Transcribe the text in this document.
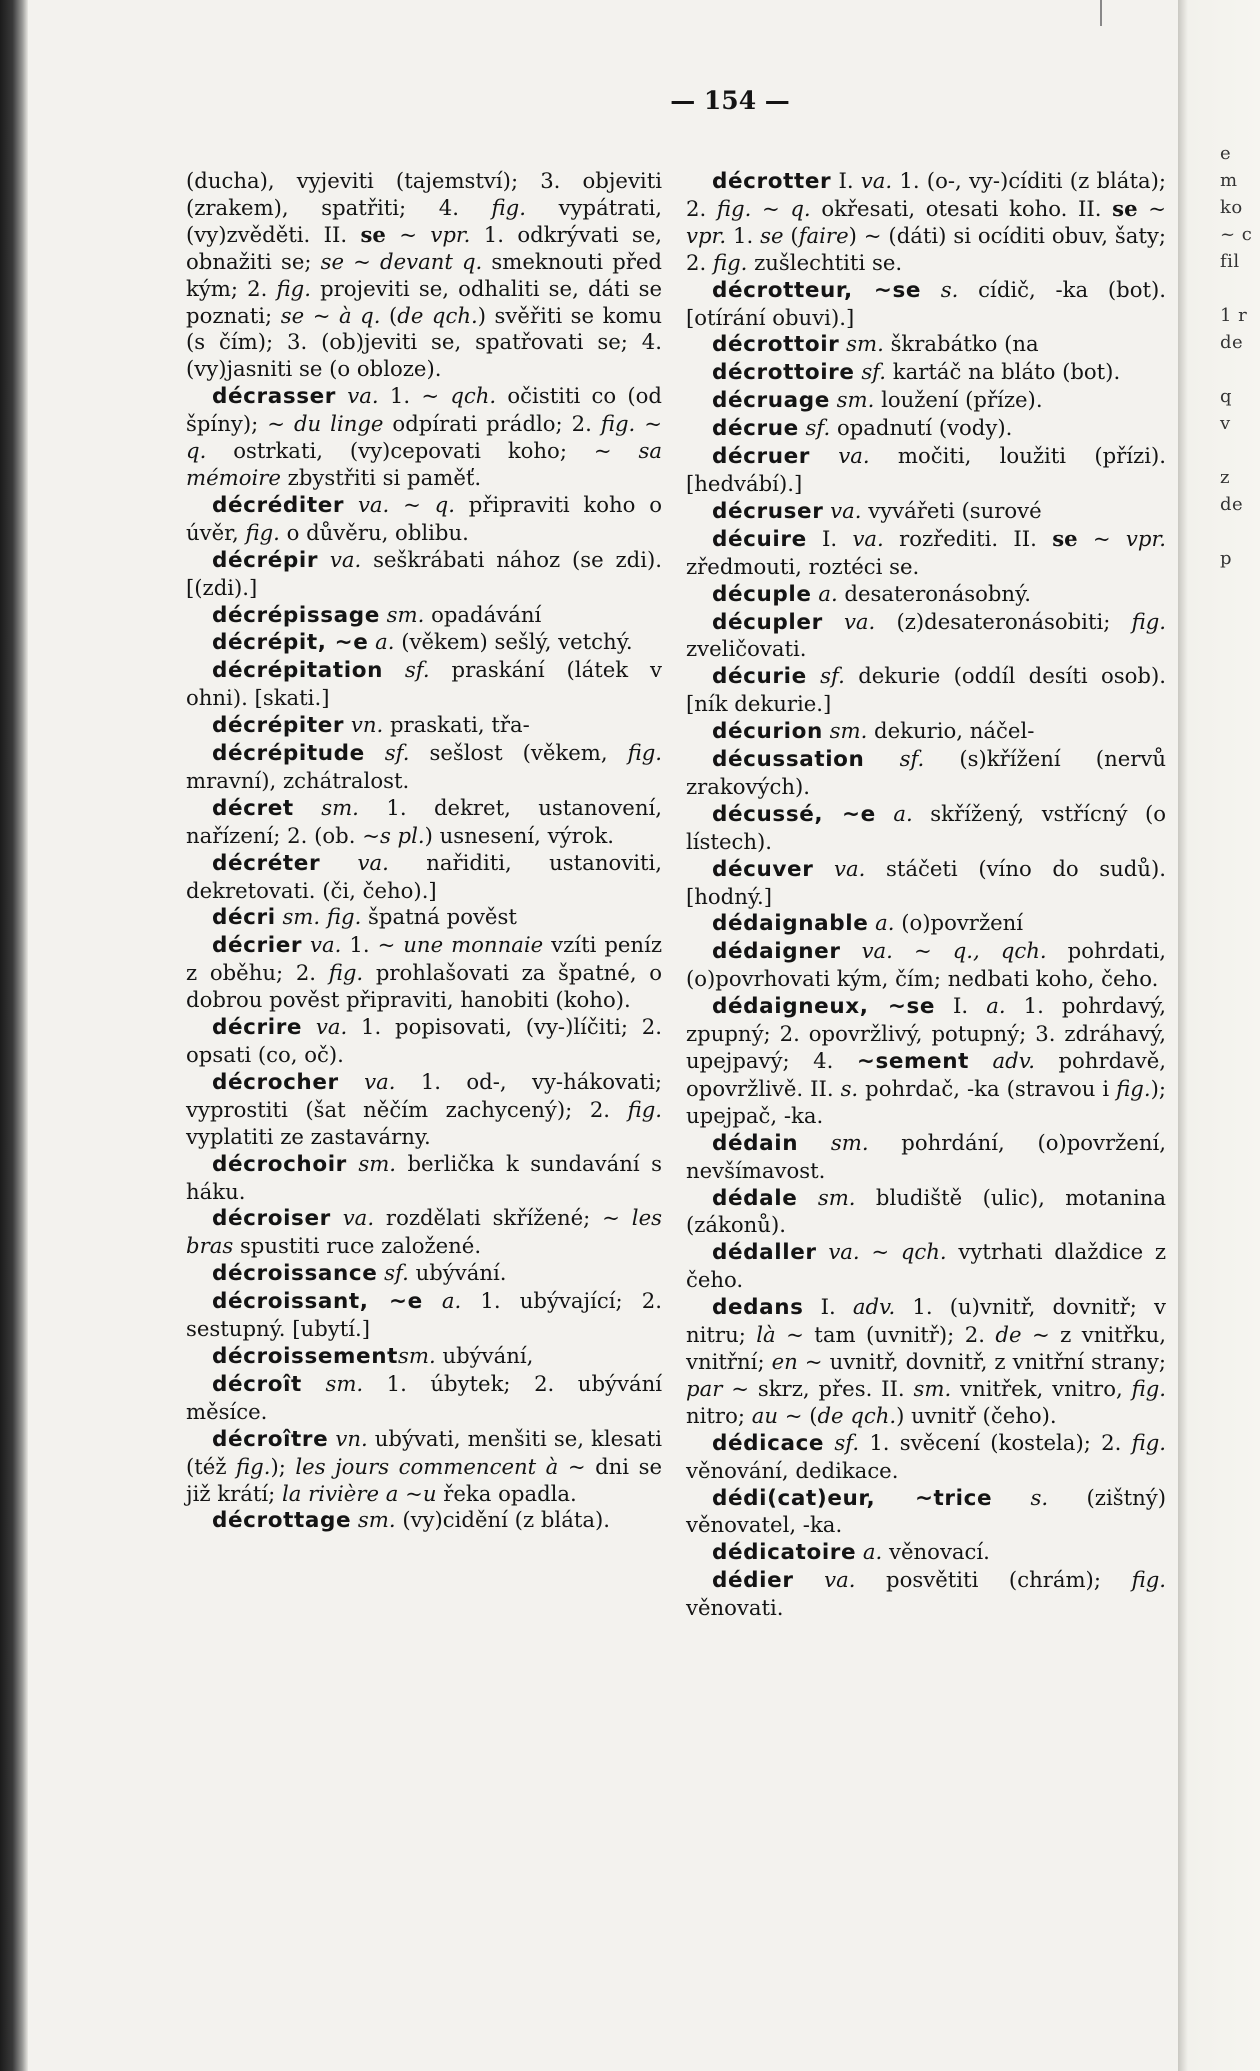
— 154 —

(ducha), vyjeviti (tajemství); 3. objeviti (zrakem), spatřiti; 4. fig. vypátrati, (vy)zvěděti. II. se ~ vpr. 1. odkrývati se, obnažiti se; se ~ devant q. smeknouti před kým; 2. fig. projeviti se, odhaliti se, dáti se poznati; se ~ à q. (de qch.) svěřiti se komu (s čím); 3. (ob)jeviti se, spatřovati se; 4. (vy)jasniti se (o obloze).

décrasser va. 1. ~ qch. očistiti co (od špíny); ~ du linge odpírati prádlo; 2. fig. ~ q. ostrkati, (vy)cepovati koho; ~ sa mémoire zbystřiti si paměť.

décréditer va. ~ q. připraviti koho o úvěr, fig. o důvěru, oblibu.

décrépir va. seškrábati nához (se zdi). [(zdi).]

décrépissage sm. opadávání

décrépit, ~e a. (věkem) sešlý, vetchý.

décrépitation sf. praskání (látek v ohni). [skati.]

décrépiter vn. praskati, třa-

décrépitude sf. sešlost (věkem, fig. mravní), zchátralost.

décret sm. 1. dekret, ustanovení, nařízení; 2. (ob. ~s pl.) usnesení, výrok.

décréter va. nařiditi, ustanoviti, dekretovati. (či, čeho).]

décri sm. fig. špatná pověst

décrier va. 1. ~ une monnaie vzíti peníz z oběhu; 2. fig. prohlašovati za špatné, o dobrou pověst připraviti, hanobiti (koho).

décrire va. 1. popisovati, (vy-)líčiti; 2. opsati (co, oč).

décrocher va. 1. od-, vy-hákovati; vyprostiti (šat něčím zachycený); 2. fig. vyplatiti ze zastavárny.

décrochoir sm. berlička k sundavání s háku.

décroiser va. rozdělati skřížené; ~ les bras spustiti ruce založené.

décroissance sf. ubývání.

décroissant, ~e a. 1. ubývající; 2. sestupný. [ubytí.]

décroissementsm. ubývání,

décroît sm. 1. úbytek; 2. ubývání měsíce.

décroître vn. ubývati, menšiti se, klesati (též fig.); les jours commencent à ~ dni se již krátí; la rivière a ~u řeka opadla.

décrottage sm. (vy)cidění (z bláta).

décrotter I. va. 1. (o-, vy-)cíditi (z bláta); 2. fig. ~ q. okřesati, otesati koho. II. se ~ vpr. 1. se (faire) ~ (dáti) si ocíditi obuv, šaty; 2. fig. zušlechtiti se.

décrotteur, ~se s. cídič, -ka (bot). [otírání obuvi).]

décrottoir sm. škrabátko (na

décrottoire sf. kartáč na bláto (bot).

décruage sm. loužení (příze).

décrue sf. opadnutí (vody).

décruer va. močiti, loužiti (přízi). [hedvábí).]

décruser va. vyvářeti (surové

décuire I. va. rozřediti. II. se ~ vpr. zředmouti, roztéci se.

décuple a. desateronásobný.

décupler va. (z)desateronásobiti; fig. zveličovati.

décurie sf. dekurie (oddíl desíti osob). [ník dekurie.]

décurion sm. dekurio, náčel-

décussation sf. (s)křížení (nervů zrakových).

décussé, ~e a. skřížený, vstřícný (o lístech).

décuver va. stáčeti (víno do sudů). [hodný.]

dédaignable a. (o)povržení

dédaigner va. ~ q., qch. pohrdati, (o)povrhovati kým, čím; nedbati koho, čeho.

dédaigneux, ~se I. a. 1. pohrdavý, zpupný; 2. opovržlivý, potupný; 3. zdráhavý, upejpavý; 4. ~sement adv. pohrdavě, opovržlivě. II. s. pohrdač, -ka (stravou i fig.); upejpač, -ka.

dédain sm. pohrdání, (o)povržení, nevšímavost.

dédale sm. bludiště (ulic), motanina (zákonů).

dédaller va. ~ qch. vytrhati dlaždice z čeho.

dedans I. adv. 1. (u)vnitř, dovnitř; v nitru; là ~ tam (uvnitř); 2. de ~ z vnitřku, vnitřní; en ~ uvnitř, dovnitř, z vnitřní strany; par ~ skrz, přes. II. sm. vnitřek, vnitro, fig. nitro; au ~ (de qch.) uvnitř (čeho).

dédicace sf. 1. svěcení (kostela); 2. fig. věnování, dedikace.

dédi(cat)eur, ~trice s. (zištný) věnovatel, -ka.

dédicatoire a. věnovací.

dédier va. posvětiti (chrám); fig. věnovati.

e
m
ko
~ c
fil

1 r
de

q
v

z
de

p
